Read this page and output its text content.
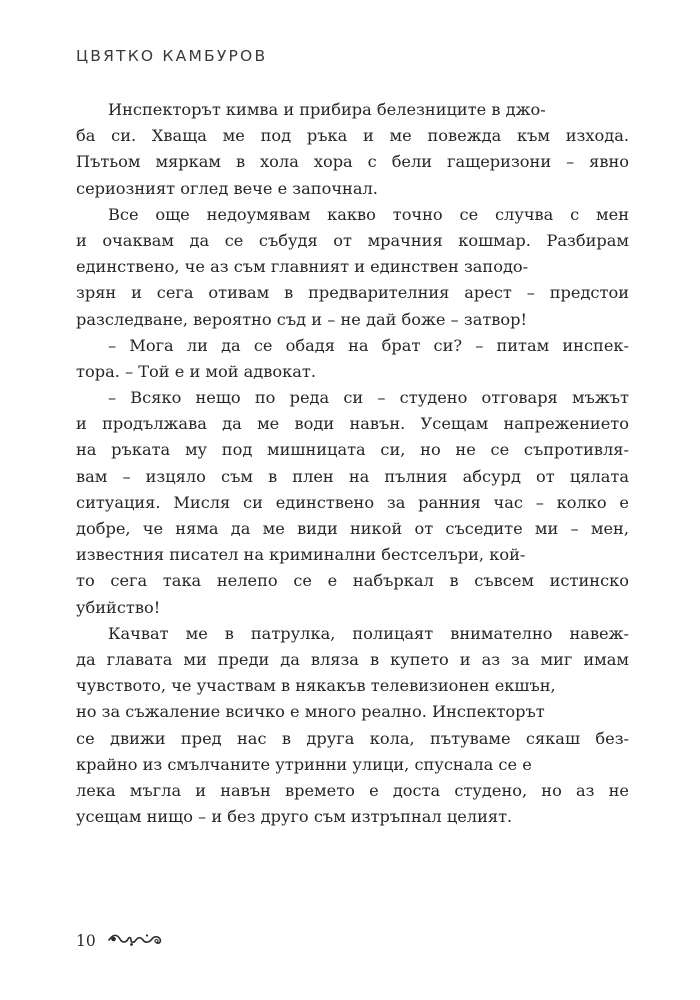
ЦВЯТКО КАМБУРОВ
Инспекторът кимва и прибира белезниците в джо-
ба си. Хваща ме под ръка и ме повежда към изхода.
Пътьом мяркам в хола хора с бели гащеризони – явно
сериозният оглед вече е започнал.
Все още недоумявам какво точно се случва с мен
и очаквам да се събудя от мрачния кошмар. Разбирам
единствено, че аз съм главният и единствен заподо-
зрян и сега отивам в предварителния арест – предстои
разследване, вероятно съд и – не дай боже – затвор!
– Мога ли да се обадя на брат си? – питам инспек-
тора. – Той е и мой адвокат.
– Всяко нещо по реда си – студено отговаря мъжът
и продължава да ме води навън. Усещам напрежението
на ръката му под мишницата си, но не се съпротивля-
вам – изцяло съм в плен на пълния абсурд от цялата
ситуация. Мисля си единствено за ранния час – колко е
добре, че няма да ме види никой от съседите ми – мен,
известния писател на криминални бестселъри, кой-
то сега така нелепо се е набъркал в съвсем истинско
убийство!
Качват ме в патрулка, полицаят внимателно навеж-
да главата ми преди да вляза в купето и аз за миг имам
чувството, че участвам в някакъв телевизионен екшън,
но за съжаление всичко е много реално. Инспекторът
се движи пред нас в друга кола, пътуваме сякаш без-
крайно из смълчаните утринни улици, спуснала се е
лека мъгла и навън времето е доста студено, но аз не
усещам нищо – и без друго съм изтръпнал целият.
10
